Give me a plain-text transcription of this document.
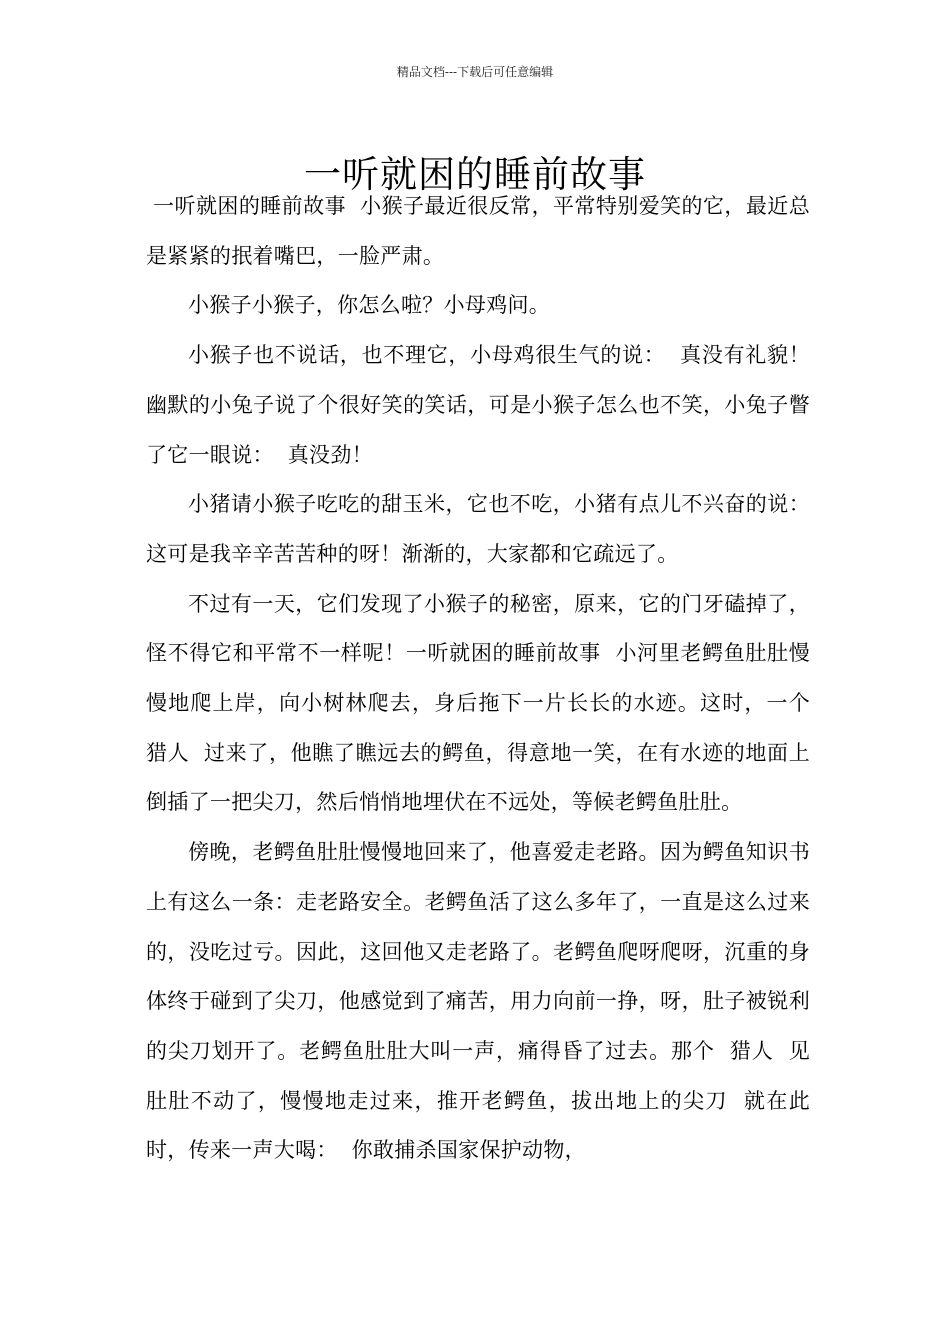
精品文档---下载后可任意编辑
一听就困的睡前故事

一听就困的睡前故事  小猴子最近很反常，平常特别爱笑的它，最近总是紧紧的抿着嘴巴，一脸严肃。

小猴子小猴子，你怎么啦？小母鸡问。

小猴子也不说话，也不理它，小母鸡很生气的说：  真没有礼貌！幽默的小兔子说了个很好笑的笑话，可是小猴子怎么也不笑，小兔子瞥了它一眼说：  真没劲！

小猪请小猴子吃吃的甜玉米，它也不吃，小猪有点儿不兴奋的说：  这可是我辛辛苦苦种的呀！渐渐的，大家都和它疏远了。

不过有一天，它们发现了小猴子的秘密，原来，它的门牙磕掉了，怪不得它和平常不一样呢！一听就困的睡前故事  小河里老鳄鱼肚肚慢慢地爬上岸，向小树林爬去，身后拖下一片长长的水迹。这时，一个  猎人  过来了，他瞧了瞧远去的鳄鱼，得意地一笑，在有水迹的地面上倒插了一把尖刀，然后悄悄地埋伏在不远处，等候老鳄鱼肚肚。

傍晚，老鳄鱼肚肚慢慢地回来了，他喜爱走老路。因为鳄鱼知识书上有这么一条：走老路安全。老鳄鱼活了这么多年了，一直是这么过来的，没吃过亏。因此，这回他又走老路了。老鳄鱼爬呀爬呀，沉重的身体终于碰到了尖刀，他感觉到了痛苦，用力向前一挣，呀，肚子被锐利的尖刀划开了。老鳄鱼肚肚大叫一声，痛得昏了过去。那个  猎人  见肚肚不动了，慢慢地走过来，推开老鳄鱼，拔出地上的尖刀  就在此时，传来一声大喝：  你敢捕杀国家保护动物，
